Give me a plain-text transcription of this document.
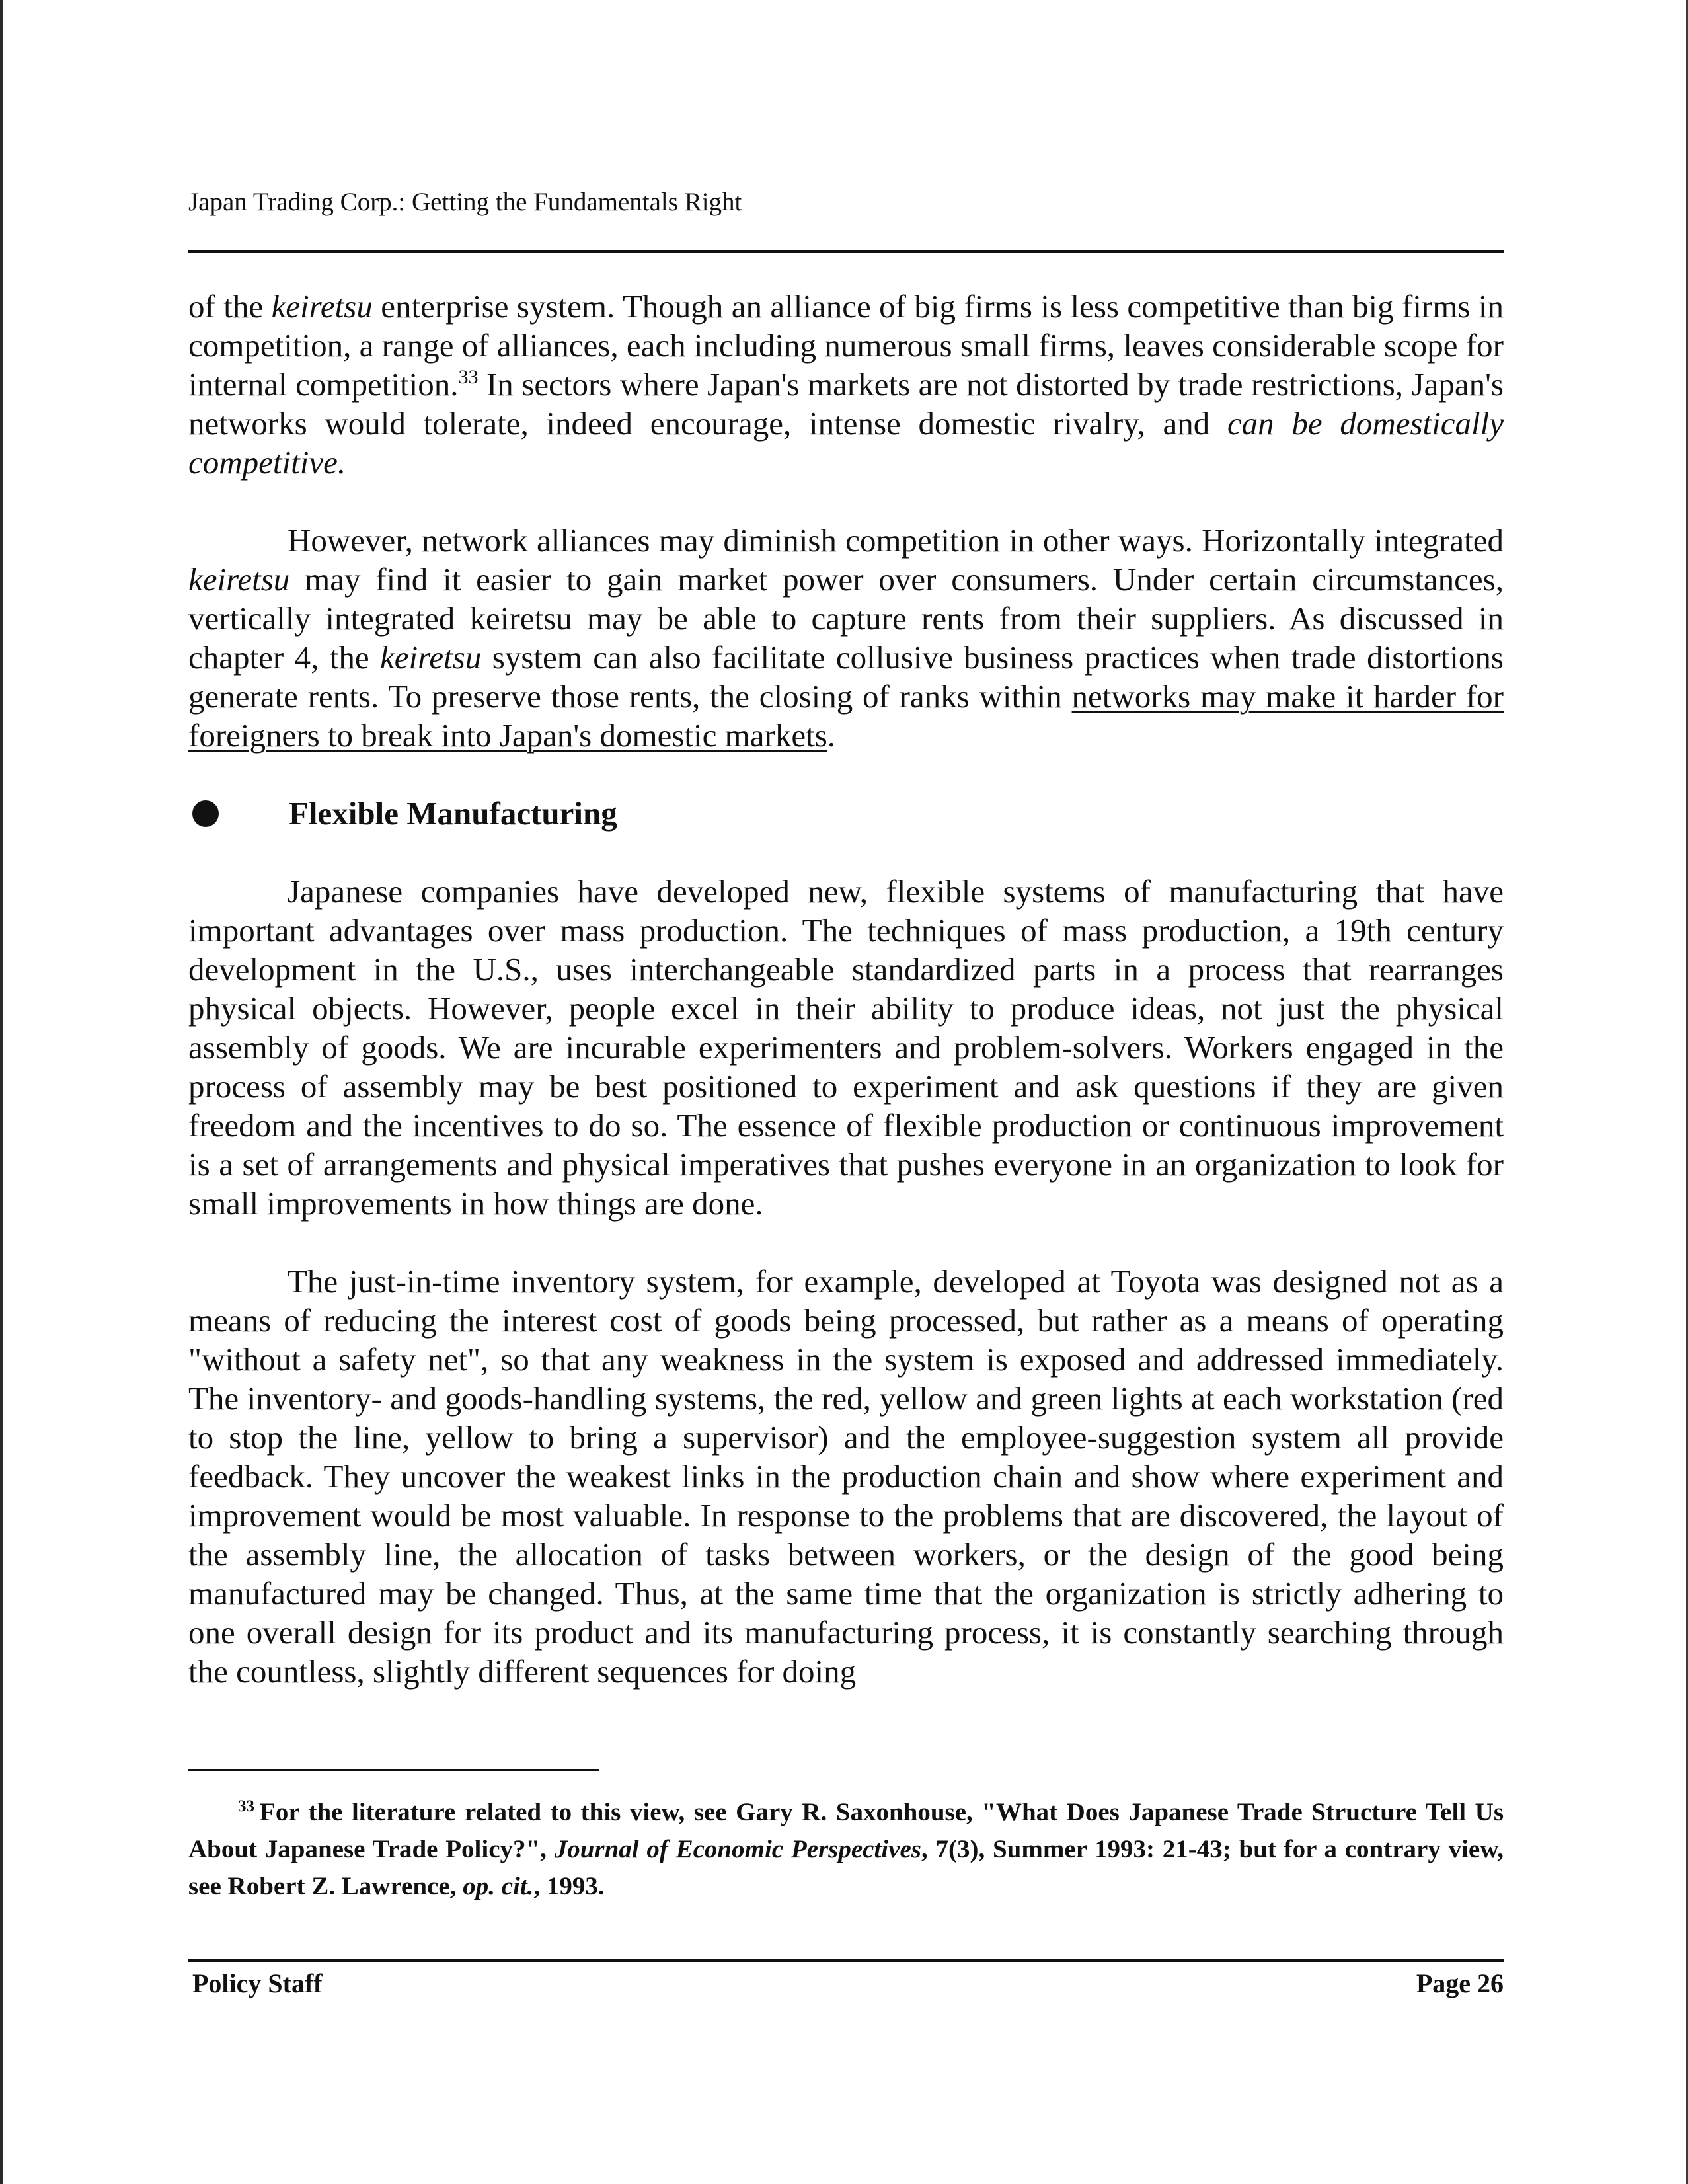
Japan Trading Corp.: Getting the Fundamentals Right

of the keiretsu enterprise system. Though an alliance of big firms is less competitive than big firms in competition, a range of alliances, each including numerous small firms, leaves considerable scope for internal competition.$^{33}$ In sectors where Japan's markets are not distorted by trade restrictions, Japan's networks would tolerate, indeed encourage, intense domestic rivalry, and can be domestically competitive.

However, network alliances may diminish competition in other ways. Horizontally integrated keiretsu may find it easier to gain market power over consumers. Under certain circumstances, vertically integrated keiretsu may be able to capture rents from their suppliers. As discussed in chapter 4, the keiretsu system can also facilitate collusive business practices when trade distortions generate rents. To preserve those rents, the closing of ranks within networks may make it harder for foreigners to break into Japan's domestic markets.

Flexible Manufacturing

Japanese companies have developed new, flexible systems of manufacturing that have important advantages over mass production. The techniques of mass production, a 19th century development in the U.S., uses interchangeable standardized parts in a process that rearranges physical objects. However, people excel in their ability to produce ideas, not just the physical assembly of goods. We are incurable experimenters and problem-solvers. Workers engaged in the process of assembly may be best positioned to experiment and ask questions if they are given freedom and the incentives to do so. The essence of flexible production or continuous improvement is a set of arrangements and physical imperatives that pushes everyone in an organization to look for small improvements in how things are done.

The just-in-time inventory system, for example, developed at Toyota was designed not as a means of reducing the interest cost of goods being processed, but rather as a means of operating "without a safety net", so that any weakness in the system is exposed and addressed immediately. The inventory- and goods-handling systems, the red, yellow and green lights at each workstation (red to stop the line, yellow to bring a supervisor) and the employee-suggestion system all provide feedback. They uncover the weakest links in the production chain and show where experiment and improvement would be most valuable. In response to the problems that are discovered, the layout of the assembly line, the allocation of tasks between workers, or the design of the good being manufactured may be changed. Thus, at the same time that the organization is strictly adhering to one overall design for its product and its manufacturing process, it is constantly searching through the countless, slightly different sequences for doing

$^{33}$ For the literature related to this view, see Gary R. Saxonhouse, "What Does Japanese Trade Structure Tell Us About Japanese Trade Policy?", Journal of Economic Perspectives, 7(3), Summer 1993: 21-43; but for a contrary view, see Robert Z. Lawrence, op. cit., 1993.

Policy Staff	Page 26
